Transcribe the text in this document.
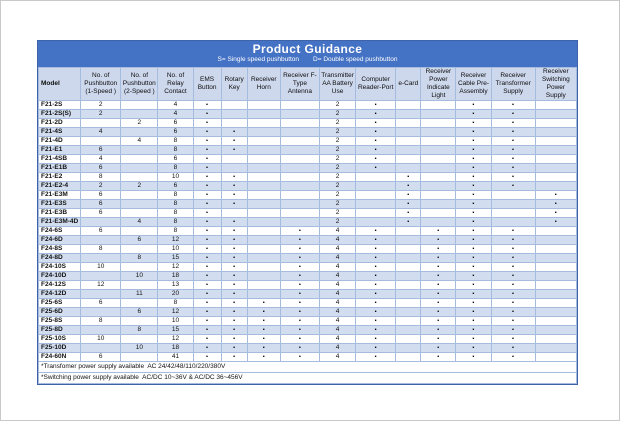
Product Guidance
S= Single speed pushbutton D= Double speed pushbutton
Model	No. of Pushbutton (1-Speed )	No. of Pushbutton (2-Speed )	No. of Relay Contact	EMS Button	Rotary Key	Receiver Horn	Receiver F-Type Antenna	Transmitter AA Battery Use	Computer Reader-Port	e-Card	Receiver Power Indicate Light	Receiver Cable Pre-Assembly	Receiver Transformer Supply	Receiver Switching Power Supply
F21-2S	2		4	▪				2	▪			▪	▪	
F21-2S(S)	2		4	▪				2	▪			▪	▪	
F21-2D		2	6	▪				2	▪			▪	▪	
F21-4S	4		6	▪	▪			2	▪			▪	▪	
F21-4D		4	8	▪	▪			2	▪			▪	▪	
F21-E1	6		8	▪	▪			2	▪			▪	▪	
F21-4SB	4		6	▪				2	▪			▪	▪	
F21-E1B	6		8	▪				2	▪			▪	▪	
F21-E2	8		10	▪	▪			2		▪		▪	▪	
F21-E2-4	2	2	6	▪	▪			2		▪		▪	▪	
F21-E3M	6		8	▪	▪			2		▪		▪		▪
F21-E3S	6		8	▪	▪			2		▪		▪		▪
F21-E3B	6		8	▪				2		▪		▪		▪
F21-E3M-4D		4	8	▪	▪			2		▪		▪		▪
F24-6S	6		8	▪	▪		▪	4	▪		▪	▪	▪	
F24-6D		6	12	▪	▪		▪	4	▪		▪	▪	▪	
F24-8S	8		10	▪	▪		▪	4	▪		▪	▪	▪	
F24-8D		8	15	▪	▪		▪	4	▪		▪	▪	▪	
F24-10S	10		12	▪	▪		▪	4	▪		▪	▪	▪	
F24-10D		10	18	▪	▪		▪	4	▪		▪	▪	▪	
F24-12S	12		13	▪	▪		▪	4	▪		▪	▪	▪	
F24-12D		11	20	▪	▪		▪	4	▪		▪	▪	▪	
F25-6S	6		8	▪	▪	▪	▪	4	▪		▪	▪	▪	
F25-6D		6	12	▪	▪	▪	▪	4	▪		▪	▪	▪	
F25-8S	8		10	▪	▪	▪	▪	4	▪		▪	▪	▪	
F25-8D		8	15	▪	▪	▪	▪	4	▪		▪	▪	▪	
F25-10S	10		12	▪	▪	▪	▪	4	▪		▪	▪	▪	
F25-10D		10	18	▪	▪	▪	▪	4	▪		▪	▪	▪	
F24-60N	6		41	▪	▪	▪	▪	4	▪		▪	▪	▪	
*Transfomer power supply available  AC 24/42/48/110/220/380V														
*Switching power supply available  AC/DC 10~36V & AC/DC 36~456V														
